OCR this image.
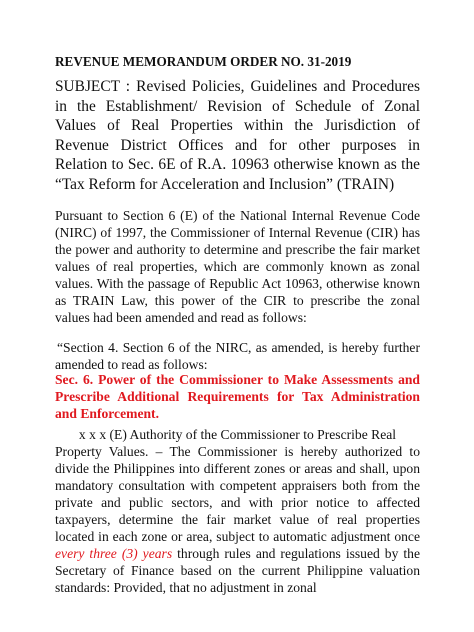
REVENUE MEMORANDUM ORDER NO. 31-2019

SUBJECT : Revised Policies, Guidelines and Procedures in the Establishment/ Revision of Schedule of Zonal Values of Real Properties within the Jurisdiction of Revenue District Offices and for other purposes in Relation to Sec. 6E of R.A. 10963 otherwise known as the “Tax Reform for Acceleration and Inclusion” (TRAIN)

Pursuant to Section 6 (E) of the National Internal Revenue Code (NIRC) of 1997, the Commissioner of Internal Revenue (CIR) has the power and authority to determine and prescribe the fair market values of real properties, which are commonly known as zonal values. With the passage of Republic Act 10963, otherwise known as TRAIN Law, this power of the CIR to prescribe the zonal values had been amended and read as follows:

“Section 4. Section 6 of the NIRC, as amended, is hereby further amended to read as follows:

Sec. 6. Power of the Commissioner to Make Assessments and Prescribe Additional Requirements for Tax Administration and Enforcement.

x x x (E) Authority of the Commissioner to Prescribe Real
Property Values. – The Commissioner is hereby authorized to divide the Philippines into different zones or areas and shall, upon mandatory consultation with competent appraisers both from the private and public sectors, and with prior notice to affected taxpayers, determine the fair market value of real properties located in each zone or area, subject to automatic adjustment once every three (3) years through rules and regulations issued by the Secretary of Finance based on the current Philippine valuation standards: Provided, that no adjustment in zonal
